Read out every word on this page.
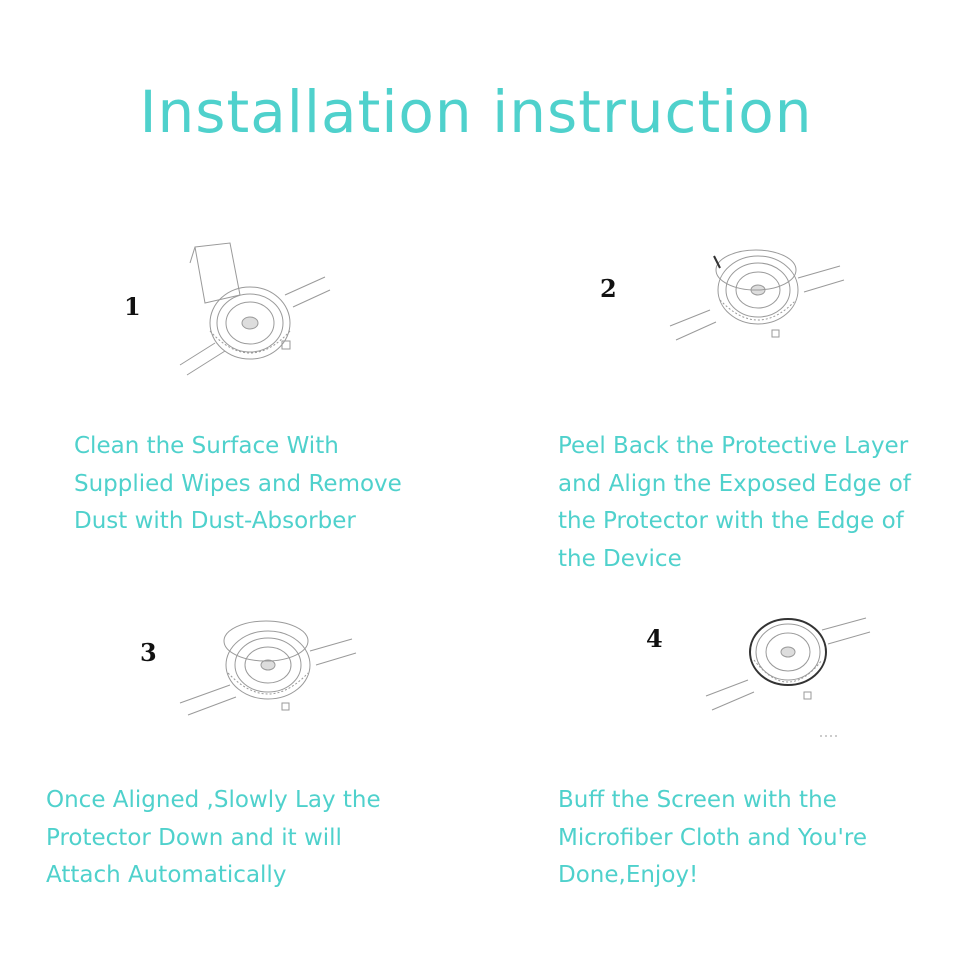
Installation instruction
1
Clean the Surface With
Supplied Wipes and Remove
Dust with Dust-Absorber
2
Peel Back the Protective Layer
and Align the Exposed Edge of
the Protector with the Edge of
the Device
3
Once Aligned ,Slowly Lay the
Protector Down and it will
Attach Automatically
4
Buff the Screen with the
Microfiber Cloth and You're
Done,Enjoy!
